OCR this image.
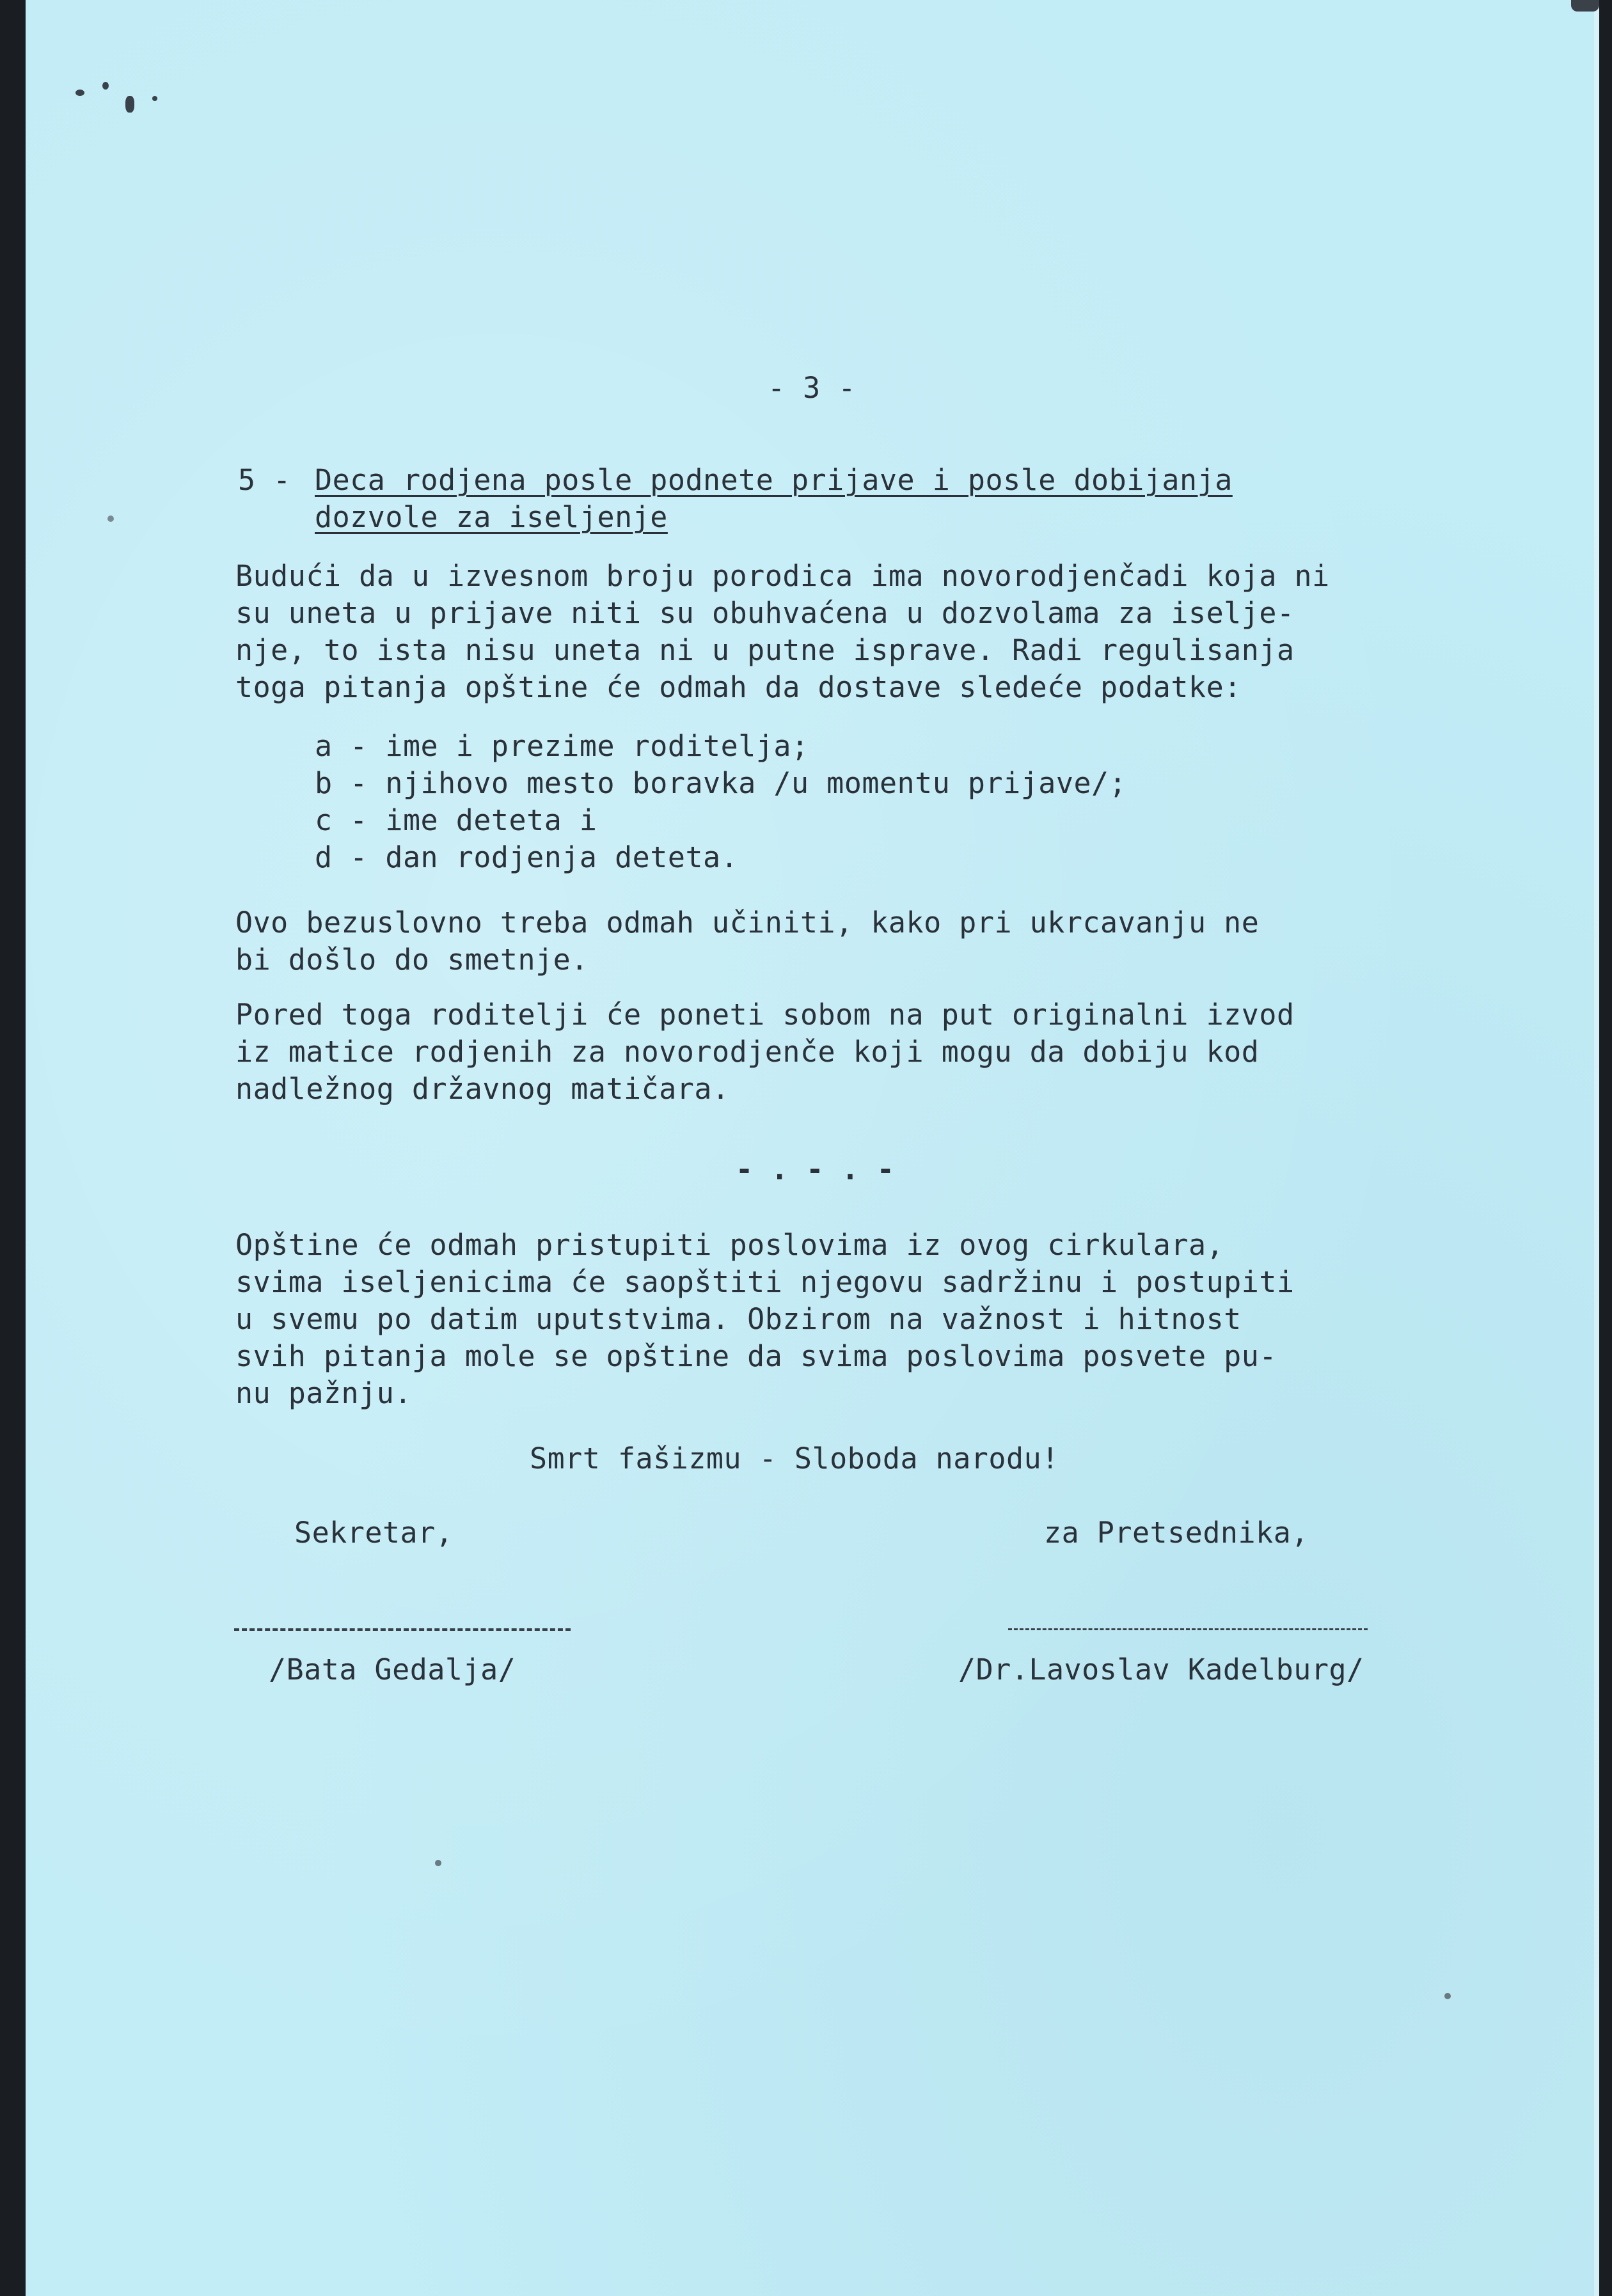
- 3 -
5 - Deca rodjena posle podnete prijave i posle dobijanja
dozvole za iseljenje
Budući da u izvesnom broju porodica ima novorodjenčadi koja ni
su uneta u prijave niti su obuhvaćena u dozvolama za iselje-
nje, to ista nisu uneta ni u putne isprave. Radi regulisanja
toga pitanja opštine će odmah da dostave sledeće podatke:
a - ime i prezime roditelja;
b - njihovo mesto boravka /u momentu prijave/;
c - ime deteta i
d - dan rodjenja deteta.
Ovo bezuslovno treba odmah učiniti, kako pri ukrcavanju ne
bi došlo do smetnje.
Pored toga roditelji će poneti sobom na put originalni izvod
iz matice rodjenih za novorodjenče koji mogu da dobiju kod
nadležnog državnog matičara.
- . - . -
Opštine će odmah pristupiti poslovima iz ovog cirkulara,
svima iseljenicima će saopštiti njegovu sadržinu i postupiti
u svemu po datim uputstvima. Obzirom na važnost i hitnost
svih pitanja mole se opštine da svima poslovima posvete pu-
nu pažnju.
Smrt fašizmu - Sloboda narodu!
Sekretar,	za Pretsednika,
/Bata Gedalja/	/Dr.Lavoslav Kadelburg/
